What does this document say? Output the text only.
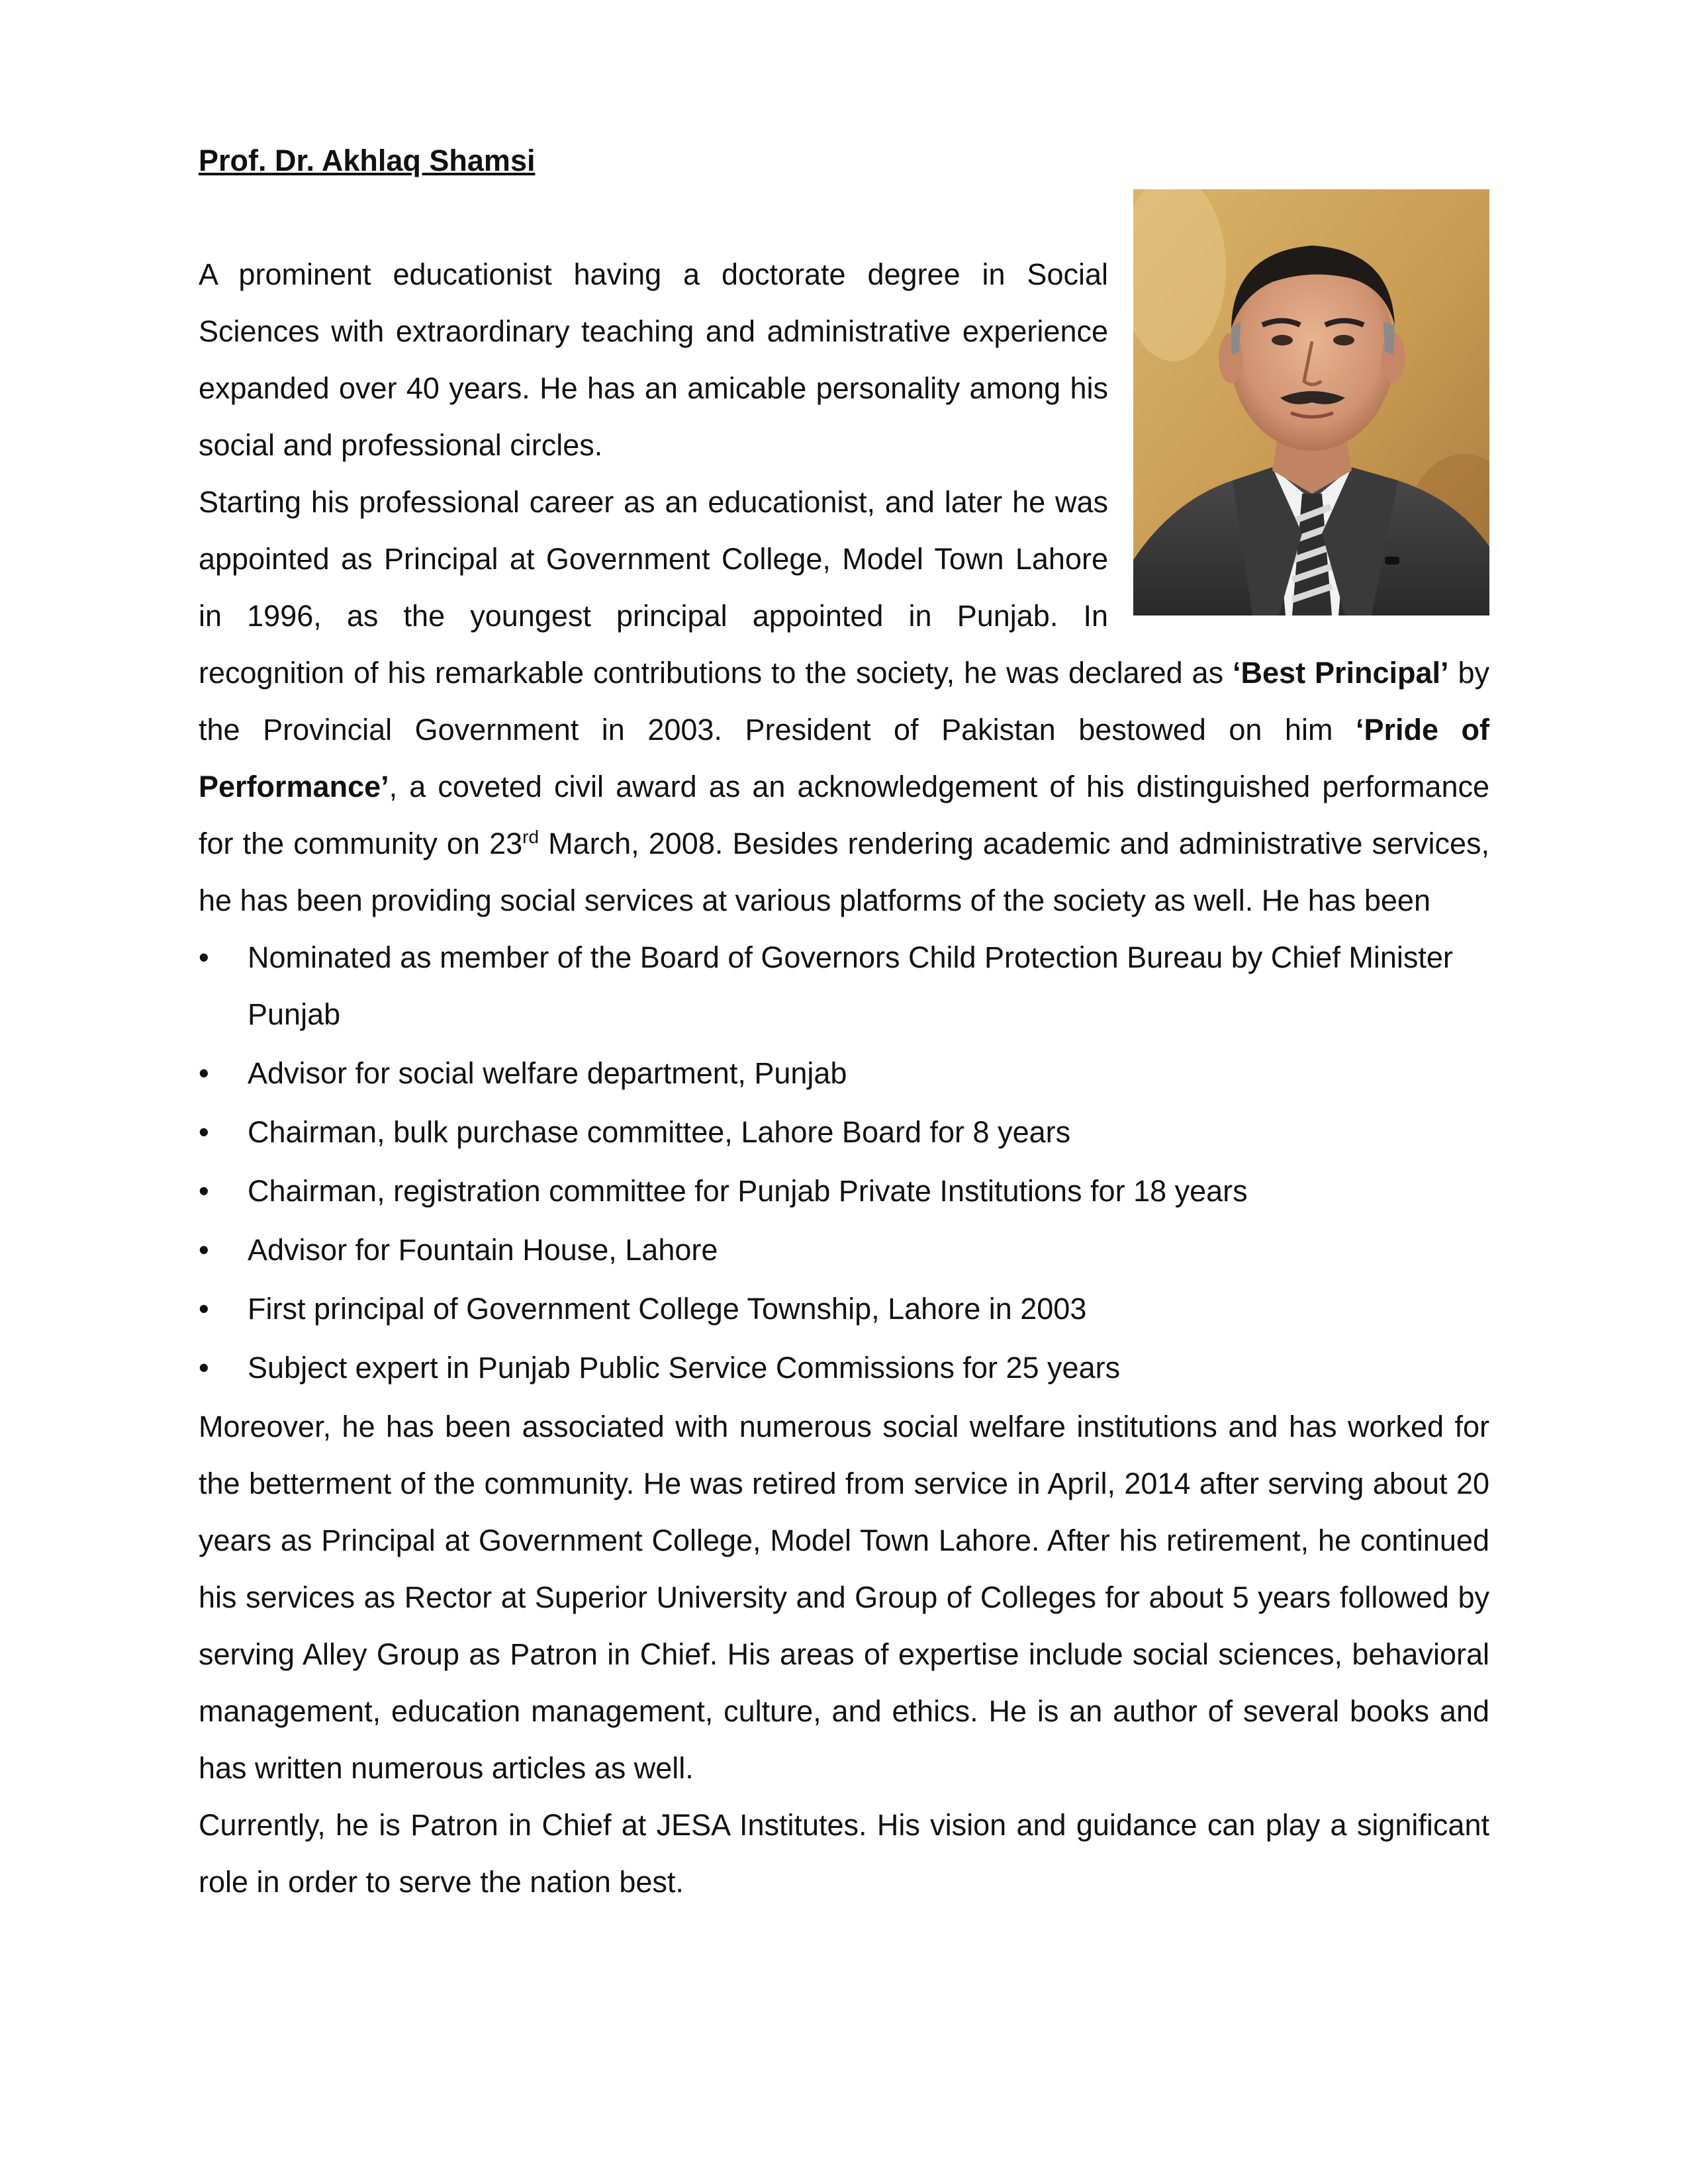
Prof. Dr. Akhlaq Shamsi

A prominent educationist having a doctorate degree in Social Sciences with extraordinary teaching and administrative experience expanded over 40 years. He has an amicable personality among his social and professional circles.

Starting his professional career as an educationist, and later he was appointed as Principal at Government College, Model Town Lahore in 1996, as the youngest principal appointed in Punjab. In recognition of his remarkable contributions to the society, he was declared as ‘Best Principal’ by the Provincial Government in 2003. President of Pakistan bestowed on him ‘Pride of Performance’, a coveted civil award as an acknowledgement of his distinguished performance for the community on 23rd March, 2008. Besides rendering academic and administrative services, he has been providing social services at various platforms of the society as well. He has been

•	Nominated as member of the Board of Governors Child Protection Bureau by Chief Minister Punjab
•	Advisor for social welfare department, Punjab
•	Chairman, bulk purchase committee, Lahore Board for 8 years
•	Chairman, registration committee for Punjab Private Institutions for 18 years
•	Advisor for Fountain House, Lahore
•	First principal of Government College Township, Lahore in 2003
•	Subject expert in Punjab Public Service Commissions for 25 years

Moreover, he has been associated with numerous social welfare institutions and has worked for the betterment of the community. He was retired from service in April, 2014 after serving about 20 years as Principal at Government College, Model Town Lahore. After his retirement, he continued his services as Rector at Superior University and Group of Colleges for about 5 years followed by serving Alley Group as Patron in Chief. His areas of expertise include social sciences, behavioral management, education management, culture, and ethics. He is an author of several books and has written numerous articles as well.

Currently, he is Patron in Chief at JESA Institutes. His vision and guidance can play a significant role in order to serve the nation best.
